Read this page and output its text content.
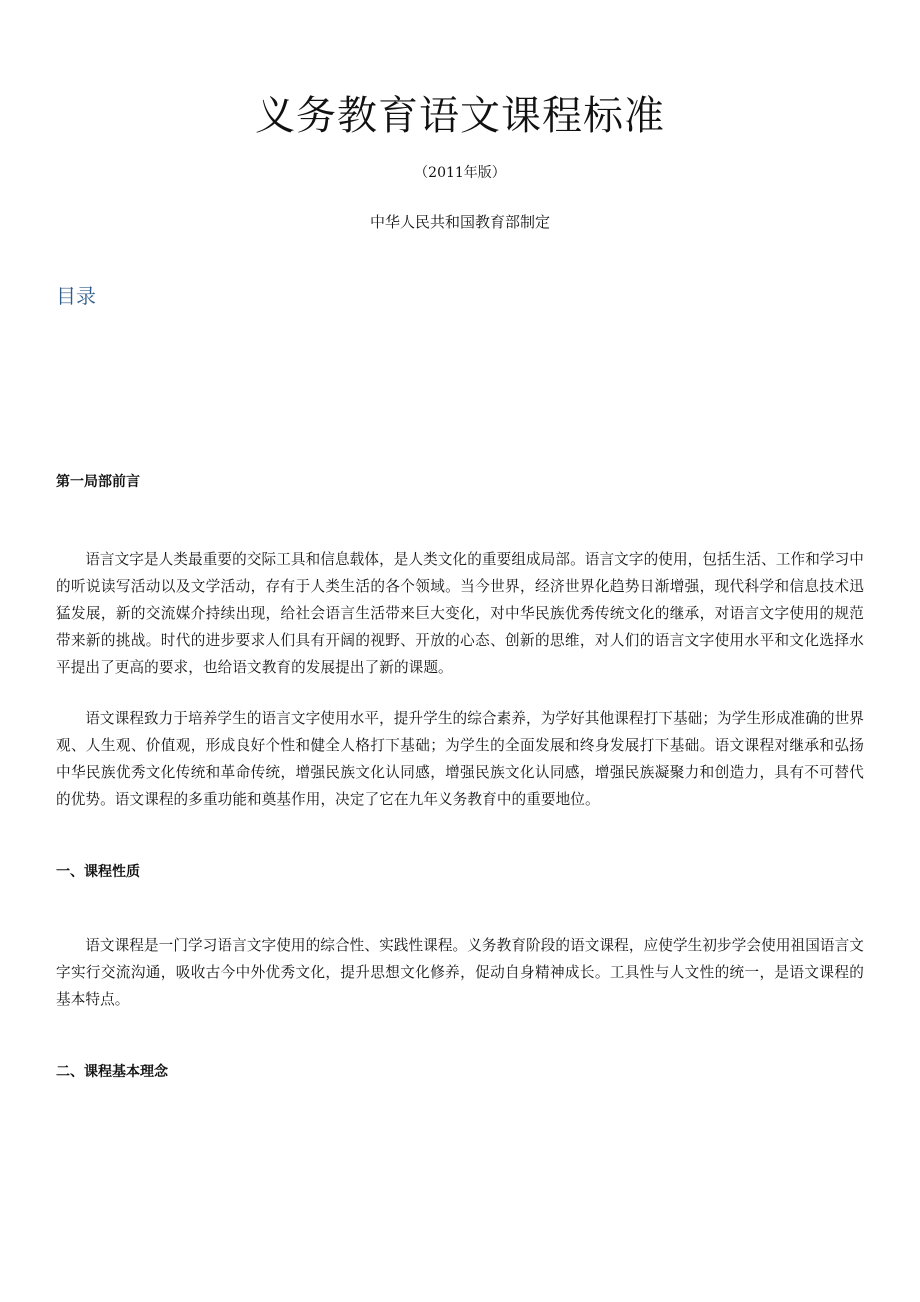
义务教育语文课程标准

（2011年版）

中华人民共和国教育部制定

目录
第一局部前言

语言文字是人类最重要的交际工具和信息载体，是人类文化的重要组成局部。语言文字的使用，包括生活、工作和学习中的听说读写活动以及文学活动，存有于人类生活的各个领域。当今世界，经济世界化趋势日渐增强，现代科学和信息技术迅猛发展，新的交流媒介持续出现，给社会语言生活带来巨大变化，对中华民族优秀传统文化的继承，对语言文字使用的规范带来新的挑战。时代的进步要求人们具有开阔的视野、开放的心态、创新的思维，对人们的语言文字使用水平和文化选择水平提出了更高的要求，也给语文教育的发展提出了新的课题。

语文课程致力于培养学生的语言文字使用水平，提升学生的综合素养，为学好其他课程打下基础；为学生形成准确的世界观、人生观、价值观，形成良好个性和健全人格打下基础；为学生的全面发展和终身发展打下基础。语文课程对继承和弘扬中华民族优秀文化传统和革命传统，增强民族文化认同感，增强民族文化认同感，增强民族凝聚力和创造力，具有不可替代的优势。语文课程的多重功能和奠基作用，决定了它在九年义务教育中的重要地位。

一、课程性质

语文课程是一门学习语言文字使用的综合性、实践性课程。义务教育阶段的语文课程，应使学生初步学会使用祖国语言文字实行交流沟通，吸收古今中外优秀文化，提升思想文化修养，促动自身精神成长。工具性与人文性的统一，是语文课程的基本特点。

二、课程基本理念
